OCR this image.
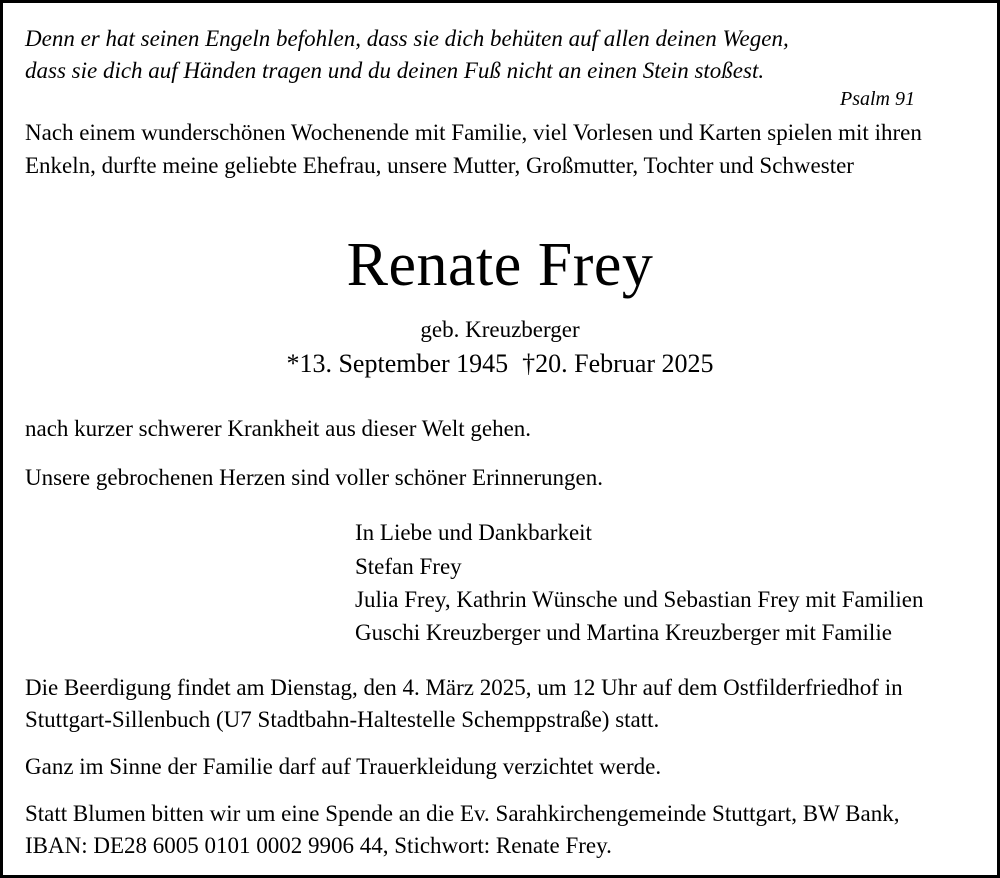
Denn er hat seinen Engeln befohlen, dass sie dich behüten auf allen deinen Wegen,
dass sie dich auf Händen tragen und du deinen Fuß nicht an einen Stein stoßest.
Psalm 91
Nach einem wunderschönen Wochenende mit Familie, viel Vorlesen und Karten spielen mit ihren
Enkeln, durfte meine geliebte Ehefrau, unsere Mutter, Großmutter, Tochter und Schwester
Renate Frey
geb. Kreuzberger
*13. September 1945 †20. Februar 2025
nach kurzer schwerer Krankheit aus dieser Welt gehen.
Unsere gebrochenen Herzen sind voller schöner Erinnerungen.
In Liebe und Dankbarkeit
Stefan Frey
Julia Frey, Kathrin Wünsche und Sebastian Frey mit Familien
Guschi Kreuzberger und Martina Kreuzberger mit Familie
Die Beerdigung findet am Dienstag, den 4. März 2025, um 12 Uhr auf dem Ostfilderfriedhof in
Stuttgart-Sillenbuch (U7 Stadtbahn-Haltestelle Schemppstraße) statt.
Ganz im Sinne der Familie darf auf Trauerkleidung verzichtet werde.
Statt Blumen bitten wir um eine Spende an die Ev. Sarahkirchengemeinde Stuttgart, BW Bank,
IBAN: DE28 6005 0101 0002 9906 44, Stichwort: Renate Frey.
